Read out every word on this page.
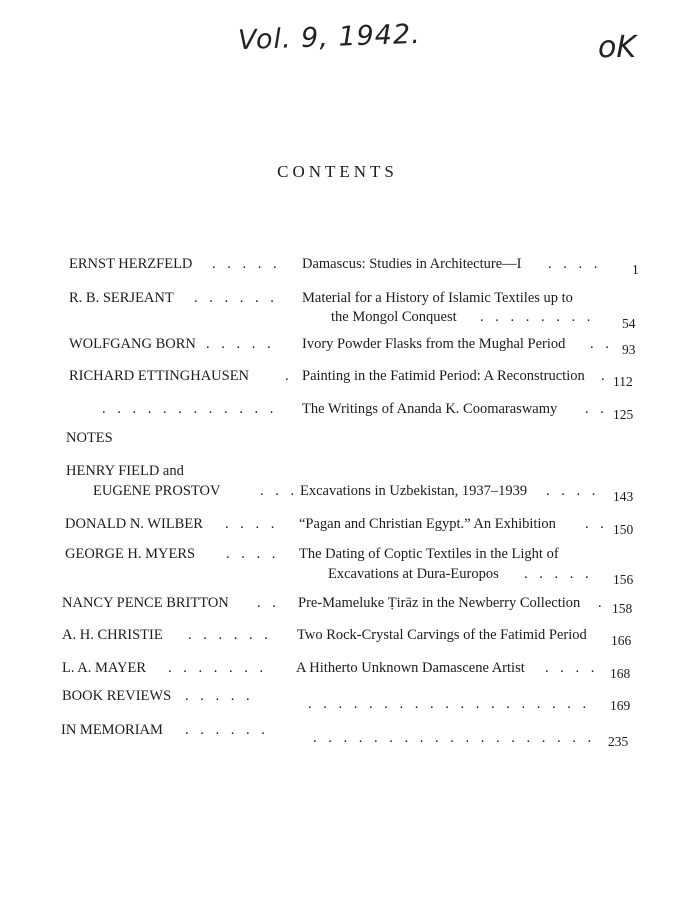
Vol. 9, 1942.	oK
CONTENTS
ERNST HERZFELD . . . . . Damascus: Studies in Architecture—I . . . . 1
R. B. SERJEANT . . . . . . Material for a History of Islamic Textiles up to
the Mongol Conquest . . . . . . . . 54
WOLFGANG BORN . . . . . Ivory Powder Flasks from the Mughal Period . . 93
RICHARD ETTINGHAUSEN . Painting in the Fatimid Period: A Reconstruction . 112
. . . . . . . . . . . . The Writings of Ananda K. Coomaraswamy . . 125
NOTES
HENRY FIELD and
EUGENE PROSTOV	. . . Excavations in Uzbekistan, 1937–1939 . . . . 143
DONALD N. WILBER . . . . “Pagan and Christian Egypt.” An Exhibition . . 150
GEORGE H. MYERS . . . . The Dating of Coptic Textiles in the Light of
Excavations at Dura-Europos . . . . . 156
NANCY PENCE BRITTON . . Pre-Mameluke Ṭirāz in the Newberry Collection . 158
A. H. CHRISTIE . . . . . . Two Rock-Crystal Carvings of the Fatimid Period 166
L. A. MAYER . . . . . . . A Hitherto Unknown Damascene Artist . . . . 168
BOOK REVIEWS . . . . .	. . . . . . . . . . . . . . . . . . . 169
IN MEMORIAM . . . . . .	. . . . . . . . . . . . . . . . . . . 235
